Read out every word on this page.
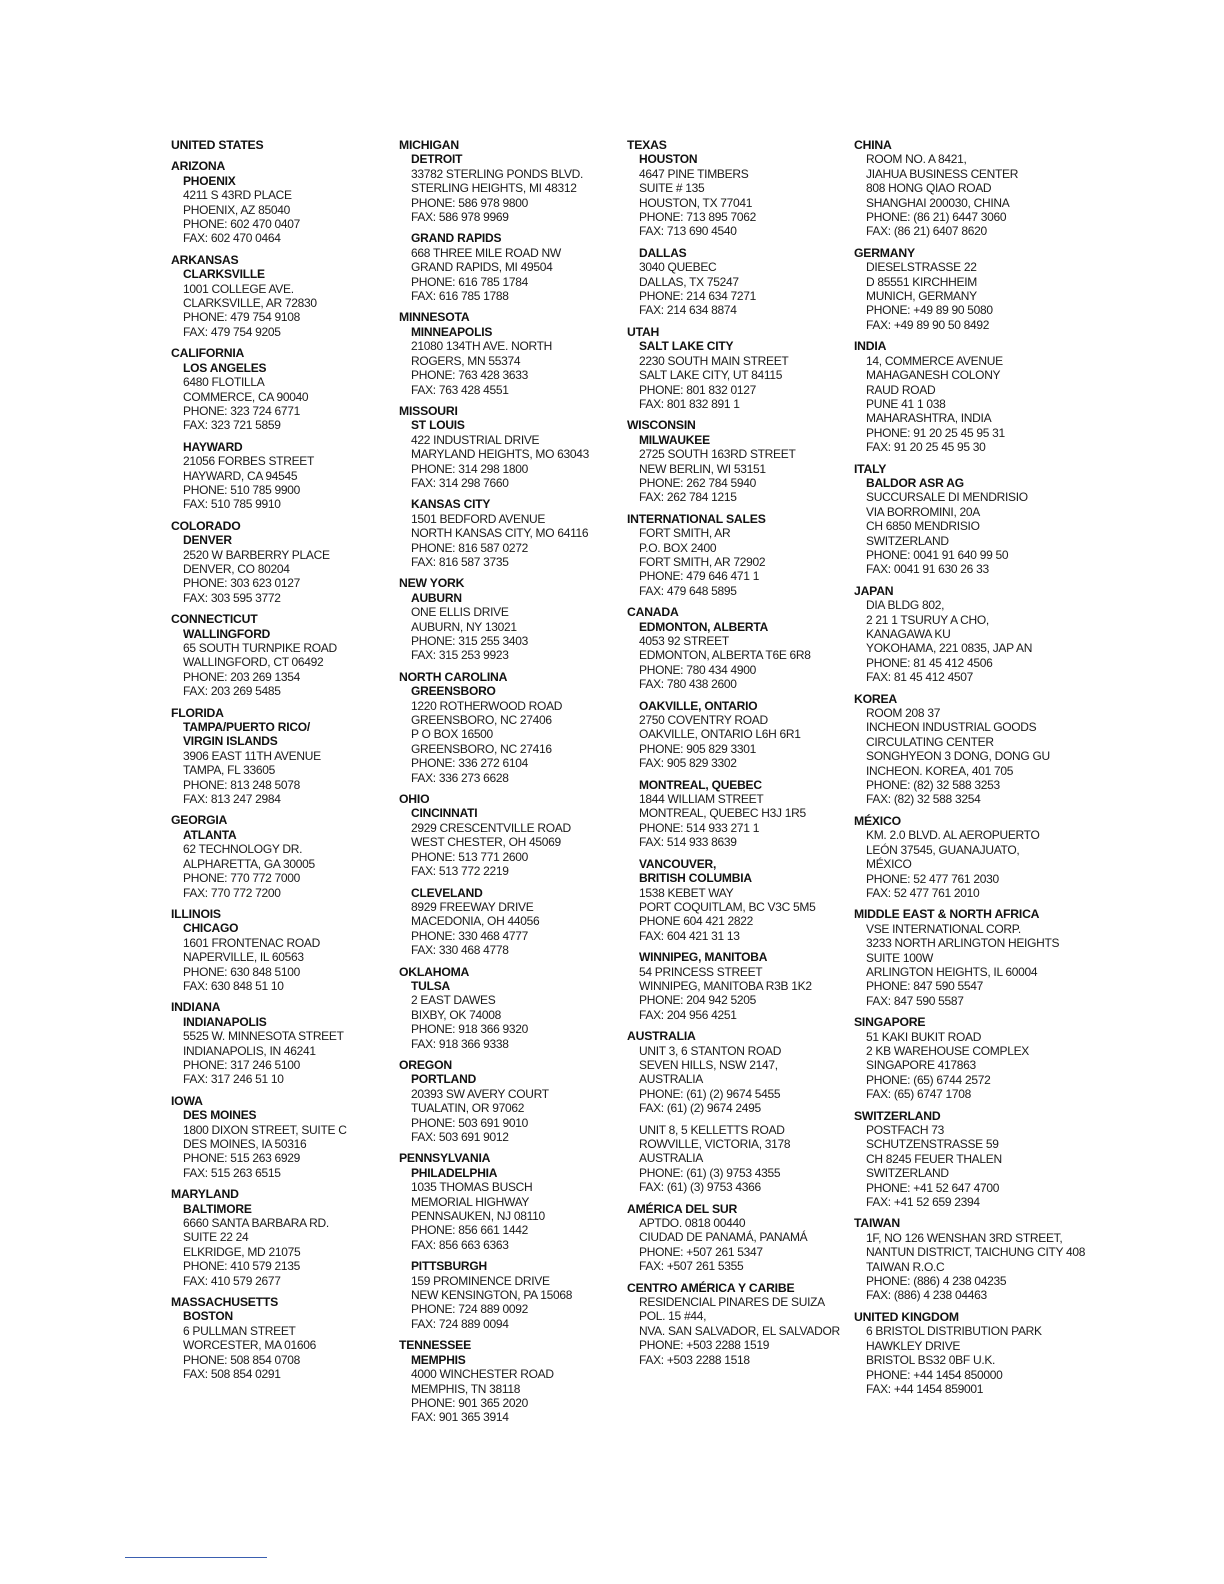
UNITED STATES
ARIZONA
PHOENIX
4211 S 43RD PLACE
PHOENIX, AZ 85040
PHONE: 602 470 0407
FAX: 602 470 0464
ARKANSAS
CLARKSVILLE
1001 COLLEGE AVE.
CLARKSVILLE, AR 72830
PHONE: 479 754 9108
FAX: 479 754 9205
CALIFORNIA
LOS ANGELES
6480 FLOTILLA
COMMERCE, CA 90040
PHONE: 323 724 6771
FAX: 323 721 5859
HAYWARD
21056 FORBES STREET
HAYWARD, CA 94545
PHONE: 510 785 9900
FAX: 510 785 9910
COLORADO
DENVER
2520 W BARBERRY PLACE
DENVER, CO 80204
PHONE: 303 623 0127
FAX: 303 595 3772
CONNECTICUT
WALLINGFORD
65 SOUTH TURNPIKE ROAD
WALLINGFORD, CT 06492
PHONE: 203 269 1354
FAX: 203 269 5485
FLORIDA
TAMPA/PUERTO RICO/
VIRGIN ISLANDS
3906 EAST 11TH AVENUE
TAMPA, FL 33605
PHONE: 813 248 5078
FAX: 813 247 2984
GEORGIA
ATLANTA
62 TECHNOLOGY DR.
ALPHARETTA, GA 30005
PHONE: 770 772 7000
FAX: 770 772 7200
ILLINOIS
CHICAGO
1601 FRONTENAC ROAD
NAPERVILLE, IL 60563
PHONE: 630 848 5100
FAX: 630 848 51 10
INDIANA
INDIANAPOLIS
5525 W. MINNESOTA STREET
INDIANAPOLIS, IN 46241
PHONE: 317 246 5100
FAX: 317 246 51 10
IOWA
DES MOINES
1800 DIXON STREET, SUITE C
DES MOINES, IA 50316
PHONE: 515 263 6929
FAX: 515 263 6515
MARYLAND
BALTIMORE
6660 SANTA BARBARA RD.
SUITE 22 24
ELKRIDGE, MD 21075
PHONE: 410 579 2135
FAX: 410 579 2677
MASSACHUSETTS
BOSTON
6 PULLMAN STREET
WORCESTER, MA 01606
PHONE: 508 854 0708
FAX: 508 854 0291
MICHIGAN
DETROIT
33782 STERLING PONDS BLVD.
STERLING HEIGHTS, MI 48312
PHONE: 586 978 9800
FAX: 586 978 9969
GRAND RAPIDS
668 THREE MILE ROAD NW
GRAND RAPIDS, MI 49504
PHONE: 616 785 1784
FAX: 616 785 1788
MINNESOTA
MINNEAPOLIS
21080 134TH AVE. NORTH
ROGERS, MN 55374
PHONE: 763 428 3633
FAX: 763 428 4551
MISSOURI
ST LOUIS
422 INDUSTRIAL DRIVE
MARYLAND HEIGHTS, MO 63043
PHONE: 314 298 1800
FAX: 314 298 7660
KANSAS CITY
1501 BEDFORD AVENUE
NORTH KANSAS CITY, MO 64116
PHONE: 816 587 0272
FAX: 816 587 3735
NEW YORK
AUBURN
ONE ELLIS DRIVE
AUBURN, NY 13021
PHONE: 315 255 3403
FAX: 315 253 9923
NORTH CAROLINA
GREENSBORO
1220 ROTHERWOOD ROAD
GREENSBORO, NC 27406
P O BOX 16500
GREENSBORO, NC 27416
PHONE: 336 272 6104
FAX: 336 273 6628
OHIO
CINCINNATI
2929 CRESCENTVILLE ROAD
WEST CHESTER, OH 45069
PHONE: 513 771 2600
FAX: 513 772 2219
CLEVELAND
8929 FREEWAY DRIVE
MACEDONIA, OH 44056
PHONE: 330 468 4777
FAX: 330 468 4778
OKLAHOMA
TULSA
2 EAST DAWES
BIXBY, OK 74008
PHONE: 918 366 9320
FAX: 918 366 9338
OREGON
PORTLAND
20393 SW AVERY COURT
TUALATIN, OR 97062
PHONE: 503 691 9010
FAX: 503 691 9012
PENNSYLVANIA
PHILADELPHIA
1035 THOMAS BUSCH
MEMORIAL HIGHWAY
PENNSAUKEN, NJ 08110
PHONE: 856 661 1442
FAX: 856 663 6363
PITTSBURGH
159 PROMINENCE DRIVE
NEW KENSINGTON, PA 15068
PHONE: 724 889 0092
FAX: 724 889 0094
TENNESSEE
MEMPHIS
4000 WINCHESTER ROAD
MEMPHIS, TN 38118
PHONE: 901 365 2020
FAX: 901 365 3914
TEXAS
HOUSTON
4647 PINE TIMBERS
SUITE # 135
HOUSTON, TX 77041
PHONE: 713 895 7062
FAX: 713 690 4540
DALLAS
3040 QUEBEC
DALLAS, TX 75247
PHONE: 214 634 7271
FAX: 214 634 8874
UTAH
SALT LAKE CITY
2230 SOUTH MAIN STREET
SALT LAKE CITY, UT 84115
PHONE: 801 832 0127
FAX: 801 832 891 1
WISCONSIN
MILWAUKEE
2725 SOUTH 163RD STREET
NEW BERLIN, WI 53151
PHONE: 262 784 5940
FAX: 262 784 1215
INTERNATIONAL SALES
FORT SMITH, AR
P.O. BOX 2400
FORT SMITH, AR 72902
PHONE: 479 646 471 1
FAX: 479 648 5895
CANADA
EDMONTON, ALBERTA
4053 92 STREET
EDMONTON, ALBERTA T6E 6R8
PHONE: 780 434 4900
FAX: 780 438 2600
OAKVILLE, ONTARIO
2750 COVENTRY ROAD
OAKVILLE, ONTARIO L6H 6R1
PHONE: 905 829 3301
FAX: 905 829 3302
MONTREAL, QUEBEC
1844 WILLIAM STREET
MONTREAL, QUEBEC H3J 1R5
PHONE: 514 933 271 1
FAX: 514 933 8639
VANCOUVER,
BRITISH COLUMBIA
1538 KEBET WAY
PORT COQUITLAM, BC V3C 5M5
PHONE 604 421 2822
FAX: 604 421 31 13
WINNIPEG, MANITOBA
54 PRINCESS STREET
WINNIPEG, MANITOBA R3B 1K2
PHONE: 204 942 5205
FAX: 204 956 4251
AUSTRALIA
UNIT 3, 6 STANTON ROAD
SEVEN HILLS, NSW 2147,
AUSTRALIA
PHONE: (61) (2) 9674 5455
FAX: (61) (2) 9674 2495
UNIT 8, 5 KELLETTS ROAD
ROWVILLE, VICTORIA, 3178
AUSTRALIA
PHONE: (61) (3) 9753 4355
FAX: (61) (3) 9753 4366
AMÉRICA DEL SUR
APTDO. 0818 00440
CIUDAD DE PANAMÁ, PANAMÁ
PHONE: +507 261 5347
FAX: +507 261 5355
CENTRO AMÉRICA Y CARIBE
RESIDENCIAL PINARES DE SUIZA
POL. 15 #44,
NVA. SAN SALVADOR, EL SALVADOR
PHONE: +503 2288 1519
FAX: +503 2288 1518
CHINA
ROOM NO. A 8421,
JIAHUA BUSINESS CENTER
808 HONG QIAO ROAD
SHANGHAI 200030, CHINA
PHONE: (86 21) 6447 3060
FAX: (86 21) 6407 8620
GERMANY
DIESELSTRASSE 22
D 85551 KIRCHHEIM
MUNICH, GERMANY
PHONE: +49 89 90 5080
FAX: +49 89 90 50 8492
INDIA
14, COMMERCE AVENUE
MAHAGANESH COLONY
RAUD ROAD
PUNE 41 1 038
MAHARASHTRA, INDIA
PHONE: 91 20 25 45 95 31
FAX: 91 20 25 45 95 30
ITALY
BALDOR ASR AG
SUCCURSALE DI MENDRISIO
VIA BORROMINI, 20A
CH 6850 MENDRISIO
SWITZERLAND
PHONE: 0041 91 640 99 50
FAX: 0041 91 630 26 33
JAPAN
DIA BLDG 802,
2 21 1 TSURUY A CHO,
KANAGAWA KU
YOKOHAMA, 221 0835, JAP AN
PHONE: 81 45 412 4506
FAX: 81 45 412 4507
KOREA
ROOM 208 37
INCHEON INDUSTRIAL GOODS
CIRCULATING CENTER
SONGHYEON 3 DONG, DONG GU
INCHEON. KOREA, 401 705
PHONE: (82) 32 588 3253
FAX: (82) 32 588 3254
MÉXICO
KM. 2.0 BLVD. AL AEROPUERTO
LEÓN 37545, GUANAJUATO,
MÉXICO
PHONE: 52 477 761 2030
FAX: 52 477 761 2010
MIDDLE EAST & NORTH AFRICA
VSE INTERNATIONAL CORP.
3233 NORTH ARLINGTON HEIGHTS
SUITE 100W
ARLINGTON HEIGHTS, IL 60004
PHONE: 847 590 5547
FAX: 847 590 5587
SINGAPORE
51 KAKI BUKIT ROAD
2 KB WAREHOUSE COMPLEX
SINGAPORE 417863
PHONE: (65) 6744 2572
FAX: (65) 6747 1708
SWITZERLAND
POSTFACH 73
SCHUTZENSTRASSE 59
CH 8245 FEUER THALEN
SWITZERLAND
PHONE: +41 52 647 4700
FAX: +41 52 659 2394
TAIWAN
1F, NO 126 WENSHAN 3RD STREET,
NANTUN DISTRICT, TAICHUNG CITY 408
TAIWAN R.O.C
PHONE: (886) 4 238 04235
FAX: (886) 4 238 04463
UNITED KINGDOM
6 BRISTOL DISTRIBUTION PARK
HAWKLEY DRIVE
BRISTOL BS32 0BF U.K.
PHONE: +44 1454 850000
FAX: +44 1454 859001
